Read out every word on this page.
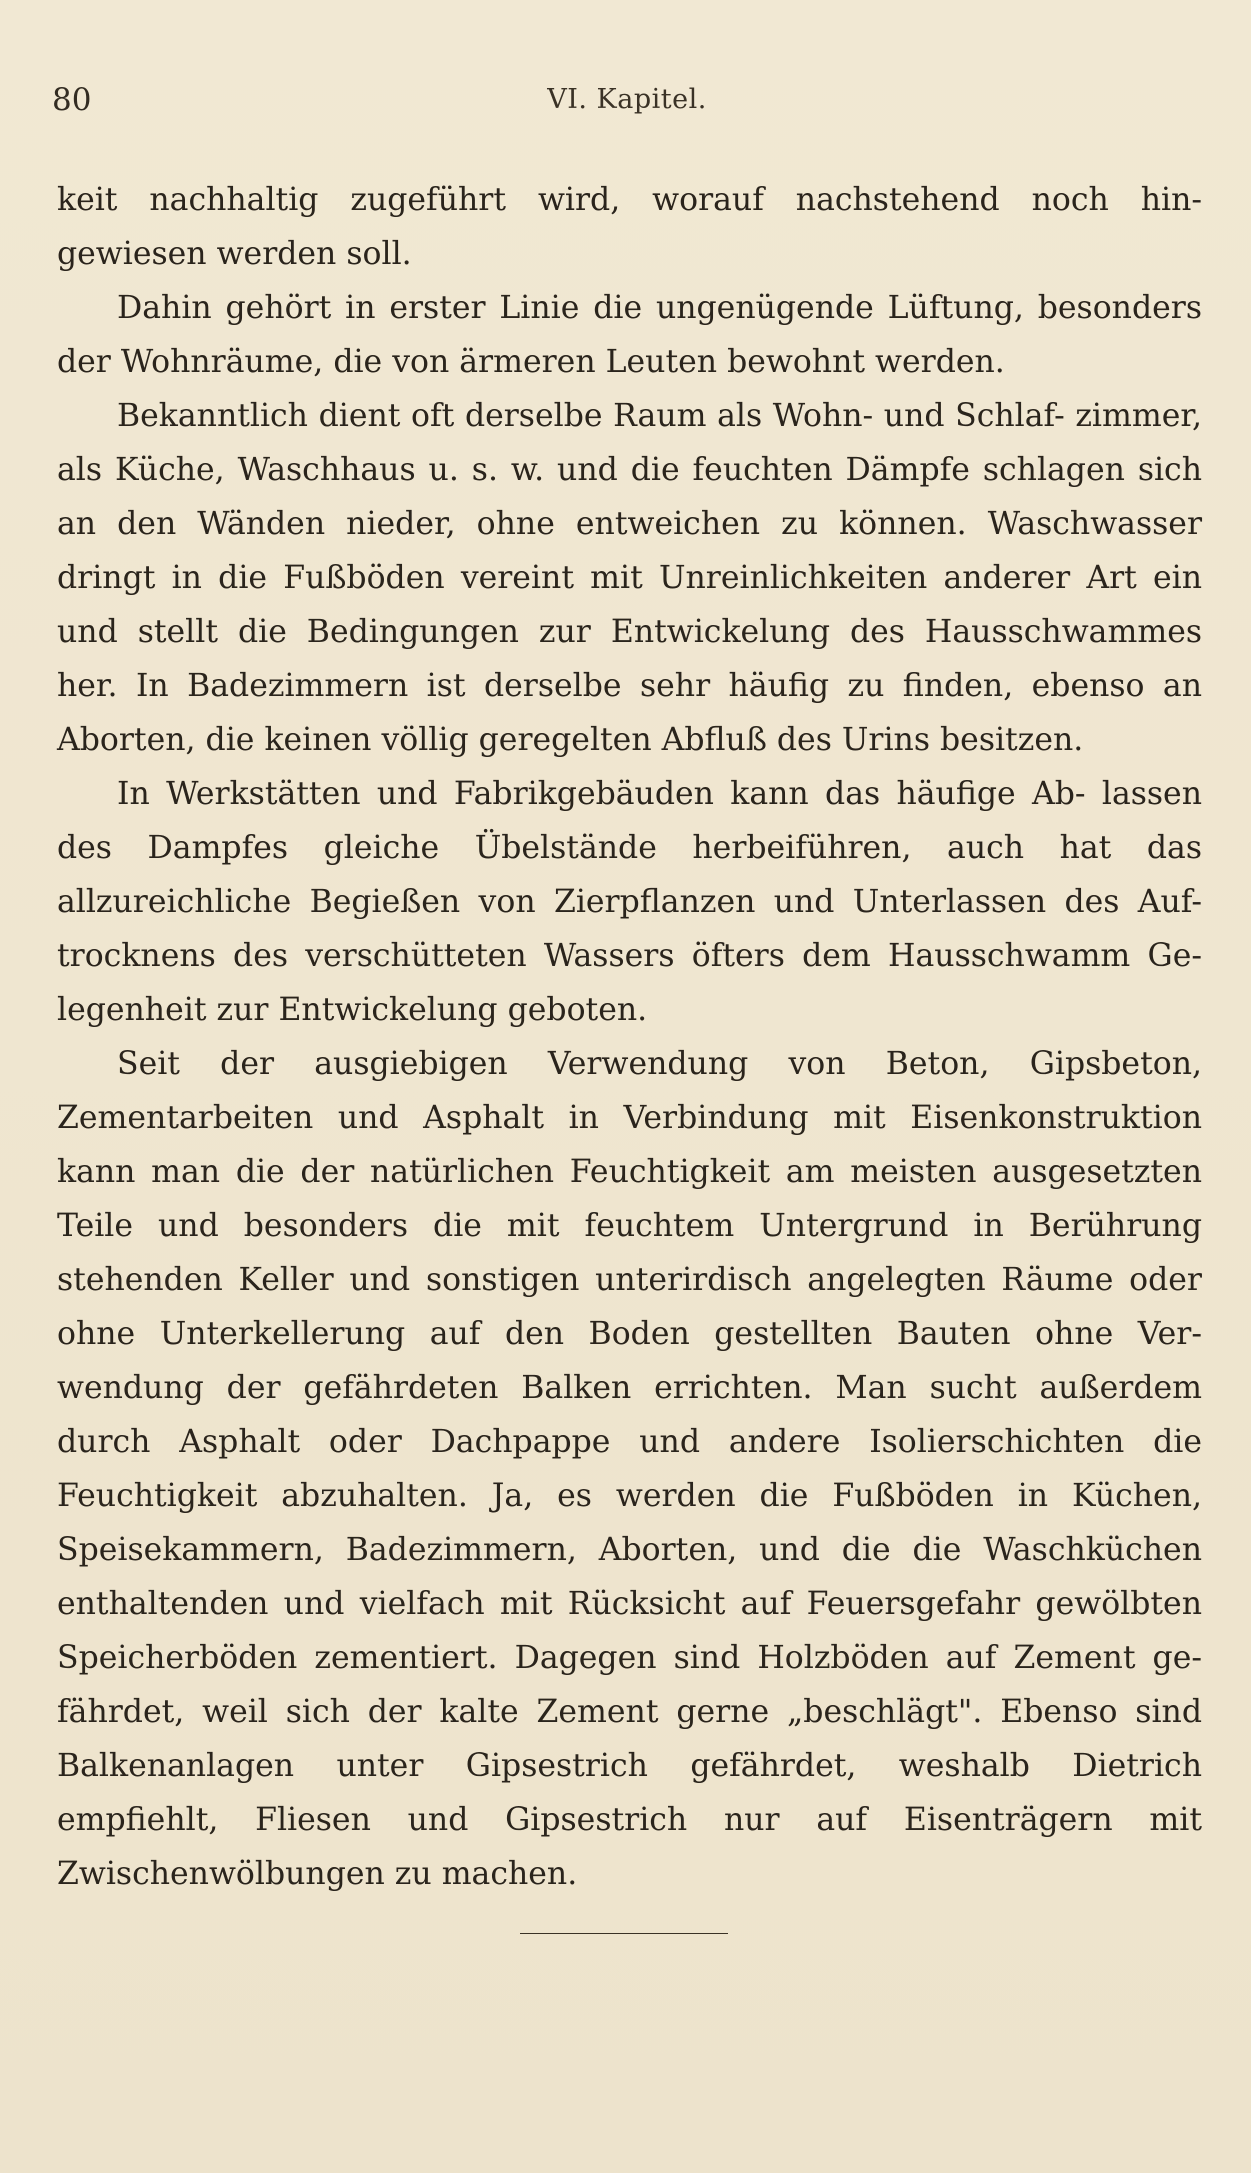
80	VI. Kapitel.

keit nachhaltig zugeführt wird, worauf nachstehend noch hin- gewiesen werden soll.

Dahin gehört in erster Linie die ungenügende Lüftung, besonders der Wohnräume, die von ärmeren Leuten bewohnt werden.

Bekanntlich dient oft derselbe Raum als Wohn- und Schlaf- zimmer, als Küche, Waschhaus u. s. w. und die feuchten Dämpfe schlagen sich an den Wänden nieder, ohne entweichen zu können. Waschwasser dringt in die Fußböden vereint mit Unreinlichkeiten anderer Art ein und stellt die Bedingungen zur Entwickelung des Hausschwammes her. In Badezimmern ist derselbe sehr häufig zu finden, ebenso an Aborten, die keinen völlig geregelten Abfluß des Urins besitzen.

In Werkstätten und Fabrikgebäuden kann das häufige Ab- lassen des Dampfes gleiche Übelstände herbeiführen, auch hat das allzureichliche Begießen von Zierpflanzen und Unterlassen des Auf- trocknens des verschütteten Wassers öfters dem Hausschwamm Ge- legenheit zur Entwickelung geboten.

Seit der ausgiebigen Verwendung von Beton, Gipsbeton, Zementarbeiten und Asphalt in Verbindung mit Eisenkonstruktion kann man die der natürlichen Feuchtigkeit am meisten ausgesetzten Teile und besonders die mit feuchtem Untergrund in Berührung stehenden Keller und sonstigen unterirdisch angelegten Räume oder ohne Unterkellerung auf den Boden gestellten Bauten ohne Ver- wendung der gefährdeten Balken errichten. Man sucht außerdem durch Asphalt oder Dachpappe und andere Isolierschichten die Feuchtigkeit abzuhalten. Ja, es werden die Fußböden in Küchen, Speisekammern, Badezimmern, Aborten, und die die Waschküchen enthaltenden und vielfach mit Rücksicht auf Feuersgefahr gewölbten Speicherböden zementiert. Dagegen sind Holzböden auf Zement ge- fährdet, weil sich der kalte Zement gerne „beschlägt". Ebenso sind Balkenanlagen unter Gipsestrich gefährdet, weshalb Dietrich empfiehlt, Fliesen und Gipsestrich nur auf Eisenträgern mit Zwischenwölbungen zu machen.
